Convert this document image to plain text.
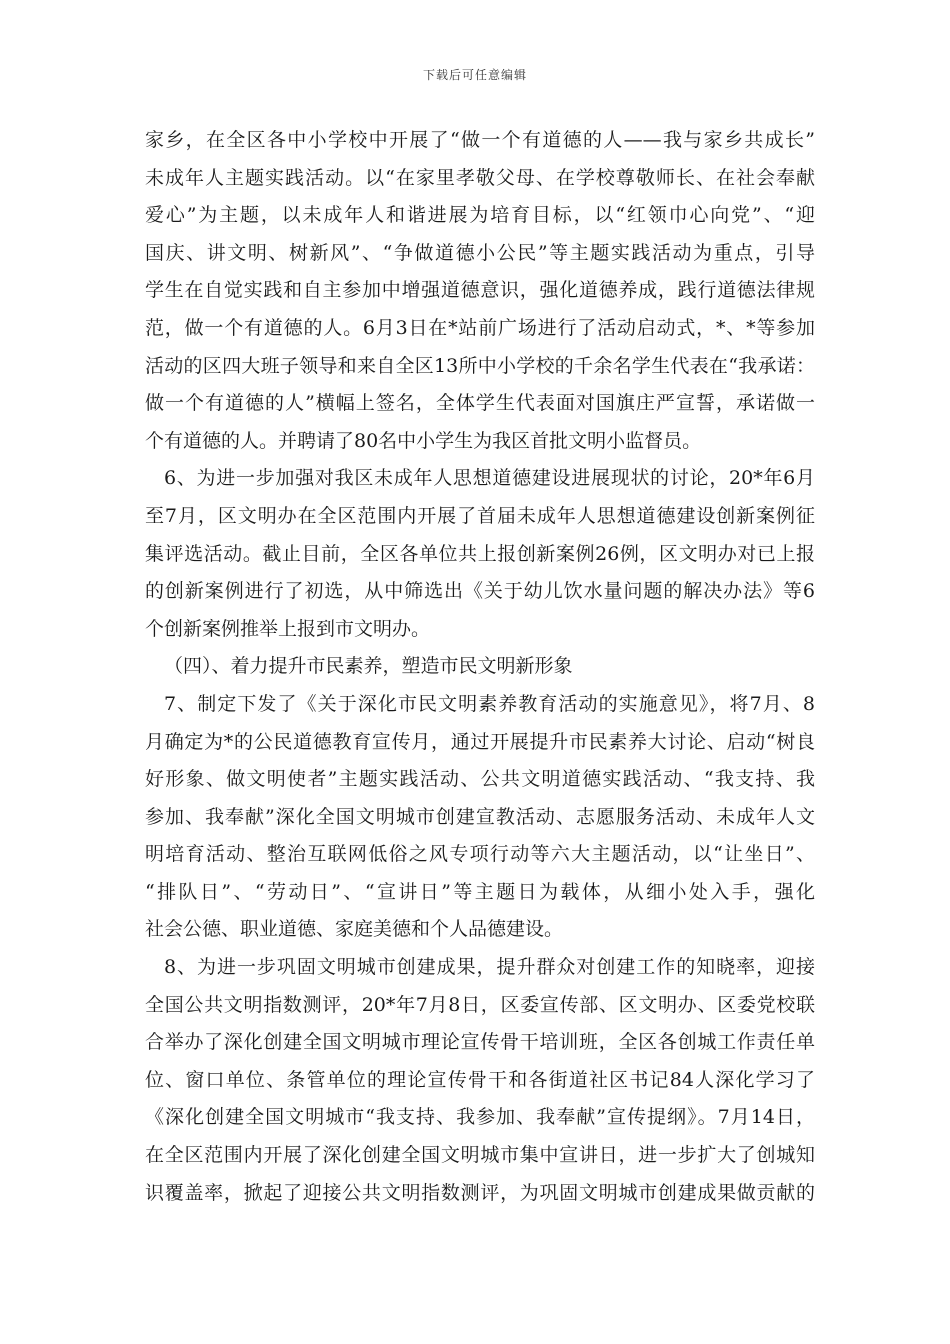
下载后可任意编辑
家乡，在全区各中小学校中开展了“做一个有道德的人——我与家乡共成长”
未成年人主题实践活动。以“在家里孝敬父母、在学校尊敬师长、在社会奉献
爱心”为主题，以未成年人和谐进展为培育目标，以“红领巾心向党”、“迎
国庆、讲文明、树新风”、“争做道德小公民”等主题实践活动为重点，引导
学生在自觉实践和自主参加中增强道德意识，强化道德养成，践行道德法律规
范，做一个有道德的人。6月3日在*站前广场进行了活动启动式，*、*等参加
活动的区四大班子领导和来自全区13所中小学校的千余名学生代表在“我承诺：
做一个有道德的人”横幅上签名，全体学生代表面对国旗庄严宣誓，承诺做一
个有道德的人。并聘请了80名中小学生为我区首批文明小监督员。
6、为进一步加强对我区未成年人思想道德建设进展现状的讨论，20*年6月
至7月，区文明办在全区范围内开展了首届未成年人思想道德建设创新案例征
集评选活动。截止目前，全区各单位共上报创新案例26例，区文明办对已上报
的创新案例进行了初选，从中筛选出《关于幼儿饮水量问题的解决办法》等6
个创新案例推举上报到市文明办。
（四）、着力提升市民素养，塑造市民文明新形象
7、制定下发了《关于深化市民文明素养教育活动的实施意见》，将7月、8
月确定为*的公民道德教育宣传月，通过开展提升市民素养大讨论、启动“树良
好形象、做文明使者”主题实践活动、公共文明道德实践活动、“我支持、我
参加、我奉献”深化全国文明城市创建宣教活动、志愿服务活动、未成年人文
明培育活动、整治互联网低俗之风专项行动等六大主题活动，以“让坐日”、
“排队日”、“劳动日”、“宣讲日”等主题日为载体，从细小处入手，强化
社会公德、职业道德、家庭美德和个人品德建设。
8、为进一步巩固文明城市创建成果，提升群众对创建工作的知晓率，迎接
全国公共文明指数测评，20*年7月8日，区委宣传部、区文明办、区委党校联
合举办了深化创建全国文明城市理论宣传骨干培训班，全区各创城工作责任单
位、窗口单位、条管单位的理论宣传骨干和各街道社区书记84人深化学习了
《深化创建全国文明城市“我支持、我参加、我奉献”宣传提纲》。7月14日，
在全区范围内开展了深化创建全国文明城市集中宣讲日，进一步扩大了创城知
识覆盖率，掀起了迎接公共文明指数测评，为巩固文明城市创建成果做贡献的
